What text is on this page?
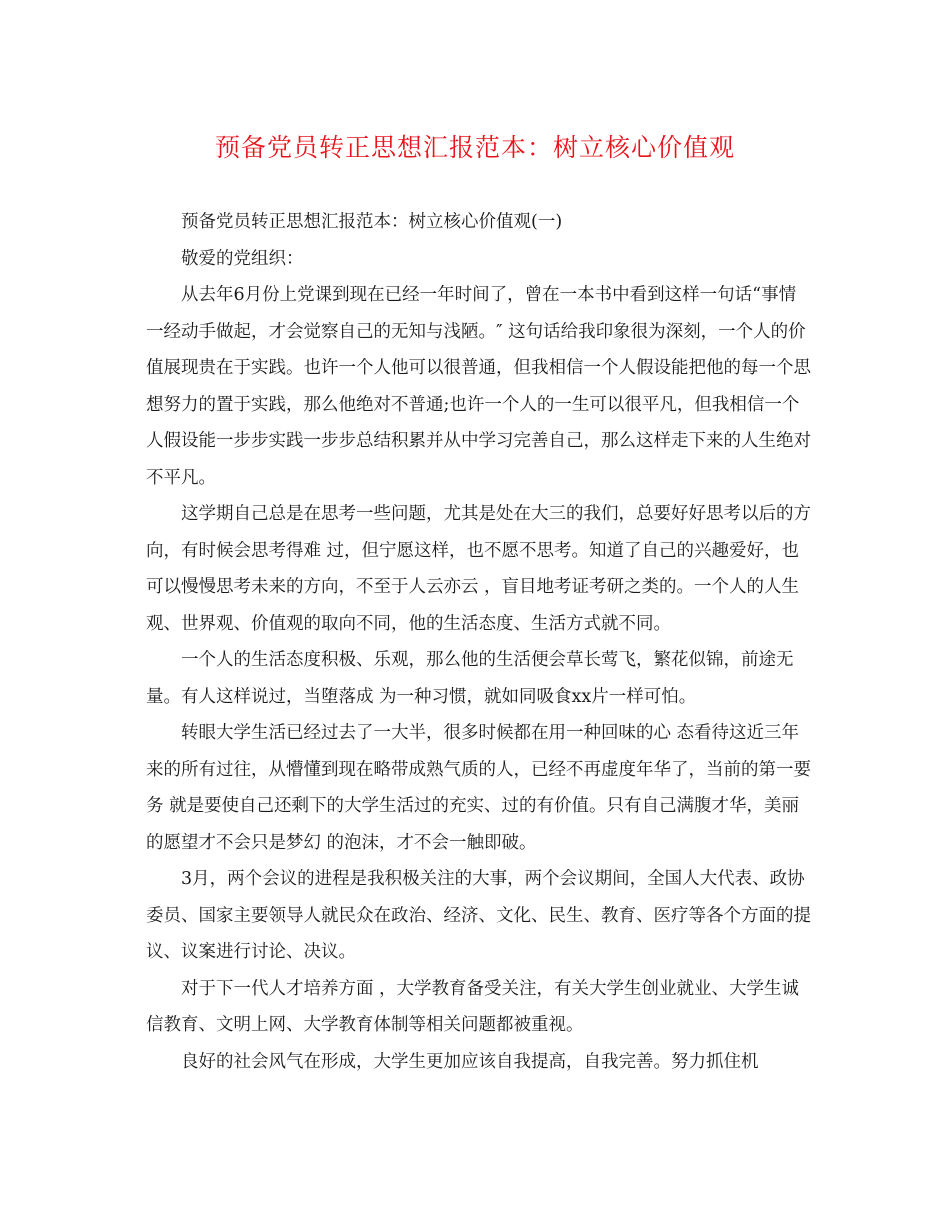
预备党员转正思想汇报范本：树立核心价值观

预备党员转正思想汇报范本：树立核心价值观(一)

敬爱的党组织：

从去年6月份上党课到现在已经一年时间了，曾在一本书中看到这样一句话“事情一经动手做起，才会觉察自己的无知与浅陋。″ 这句话给我印象很为深刻，一个人的价值展现贵在于实践。也许一个人他可以很普通，但我相信一个人假设能把他的每一个思想努力的置于实践，那么他绝对不普通;也许一个人的一生可以很平凡，但我相信一个人假设能一步步实践一步步总结积累并从中学习完善自己，那么这样走下来的人生绝对不平凡。

这学期自己总是在思考一些问题，尤其是处在大三的我们，总要好好思考以后的方向，有时候会思考得难 过，但宁愿这样，也不愿不思考。知道了自己的兴趣爱好，也可以慢慢思考未来的方向，不至于人云亦云 ，盲目地考证考研之类的。一个人的人生观、世界观、价值观的取向不同，他的生活态度、生活方式就不同。

一个人的生活态度积极、乐观，那么他的生活便会草长莺飞，繁花似锦，前途无量。有人这样说过，当堕落成 为一种习惯，就如同吸食xx片一样可怕。

转眼大学生活已经过去了一大半，很多时候都在用一种回味的心 态看待这近三年来的所有过往，从懵懂到现在略带成熟气质的人，已经不再虚度年华了，当前的第一要务 就是要使自己还剩下的大学生活过的充实、过的有价值。只有自己满腹才华，美丽的愿望才不会只是梦幻 的泡沫，才不会一触即破。

3月，两个会议的进程是我积极关注的大事，两个会议期间，全国人大代表、政协委员、国家主要领导人就民众在政治、经济、文化、民生、教育、医疗等各个方面的提议、议案进行讨论、决议。

对于下一代人才培养方面 ，大学教育备受关注，有关大学生创业就业、大学生诚信教育、文明上网、大学教育体制等相关问题都被重视。

良好的社会风气在形成，大学生更加应该自我提高，自我完善。努力抓住机
